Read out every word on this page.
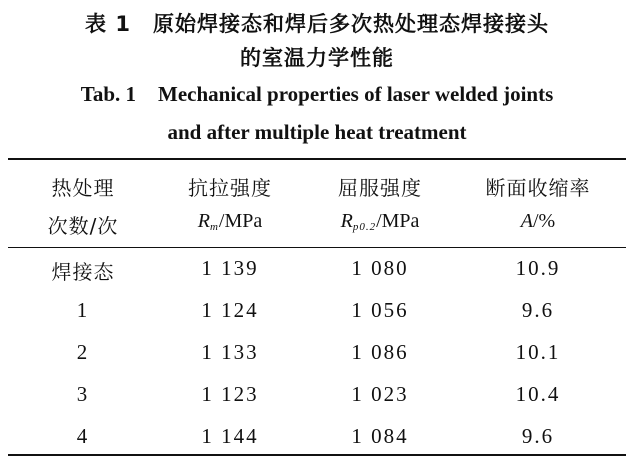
表 1 原始焊接态和焊后多次热处理态焊接接头
的室温力学性能
Tab. 1 Mechanical properties of laser welded joints
and after multiple heat treatment
热处理	抗拉强度	屈服强度	断面收缩率
次数/次	$R_m$/MPa	$R_{p0.2}$/MPa	A/%
焊接态	1 139	1 080	10.9
1	1 124	1 056	9.6
2	1 133	1 086	10.1
3	1 123	1 023	10.4
4	1 144	1 084	9.6
